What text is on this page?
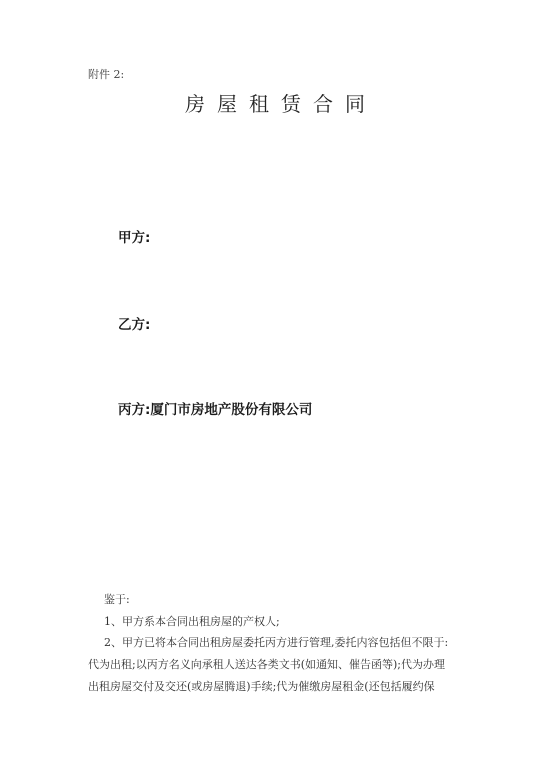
附件 2:
房屋租赁合同
甲方:
乙方:
丙方:厦门市房地产股份有限公司
鉴于:
1、甲方系本合同出租房屋的产权人;
2、甲方已将本合同出租房屋委托丙方进行管理,委托内容包括但不限于:
代为出租;以丙方名义向承租人送达各类文书(如通知、催告函等);代为办理
出租房屋交付及交还(或房屋腾退)手续;代为催缴房屋租金(还包括履约保
